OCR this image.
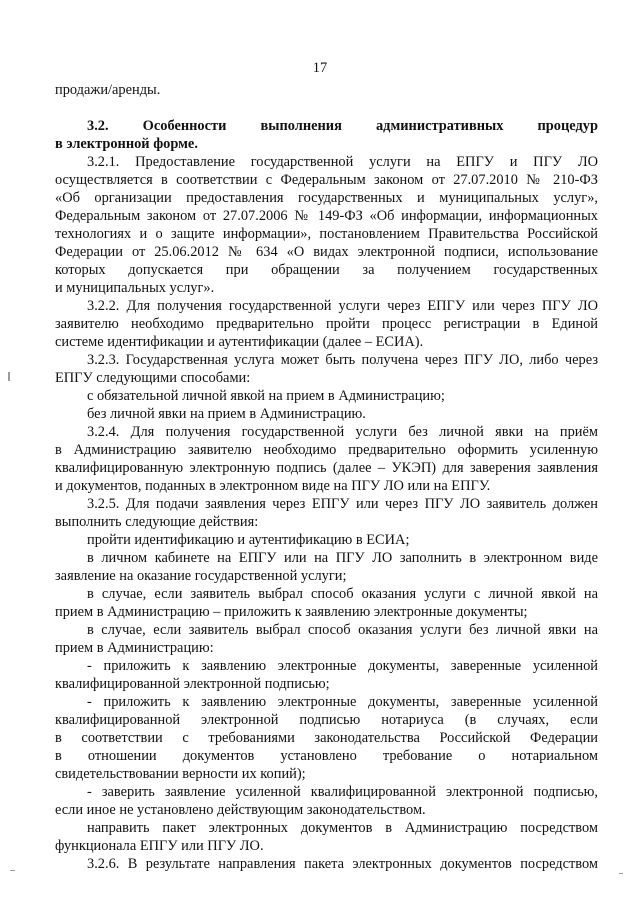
17
продажи/аренды.
3.2. Особенности выполнения административных процедур
в электронной форме.
3.2.1. Предоставление государственной услуги на ЕПГУ и ПГУ ЛО
осуществляется в соответствии с Федеральным законом от 27.07.2010 № 210-ФЗ
«Об организации предоставления государственных и муниципальных услуг»,
Федеральным законом от 27.07.2006 № 149-ФЗ «Об информации, информационных
технологиях и о защите информации», постановлением Правительства Российской
Федерации от 25.06.2012 № 634 «О видах электронной подписи, использование
которых допускается при обращении за получением государственных
и муниципальных услуг».
3.2.2. Для получения государственной услуги через ЕПГУ или через ПГУ ЛО
заявителю необходимо предварительно пройти процесс регистрации в Единой
системе идентификации и аутентификации (далее – ЕСИА).
3.2.3. Государственная услуга может быть получена через ПГУ ЛО, либо через
ЕПГУ следующими способами:
с обязательной личной явкой на прием в Администрацию;
без личной явки на прием в Администрацию.
3.2.4. Для получения государственной услуги без личной явки на приём
в Администрацию заявителю необходимо предварительно оформить усиленную
квалифицированную электронную подпись (далее – УКЭП) для заверения заявления
и документов, поданных в электронном виде на ПГУ ЛО или на ЕПГУ.
3.2.5. Для подачи заявления через ЕПГУ или через ПГУ ЛО заявитель должен
выполнить следующие действия:
пройти идентификацию и аутентификацию в ЕСИА;
в личном кабинете на ЕПГУ или на ПГУ ЛО заполнить в электронном виде
заявление на оказание государственной услуги;
в случае, если заявитель выбрал способ оказания услуги с личной явкой на
прием в Администрацию – приложить к заявлению электронные документы;
в случае, если заявитель выбрал способ оказания услуги без личной явки на
прием в Администрацию:
- приложить к заявлению электронные документы, заверенные усиленной
квалифицированной электронной подписью;
- приложить к заявлению электронные документы, заверенные усиленной
квалифицированной электронной подписью нотариуса (в случаях, если
в соответствии с требованиями законодательства Российской Федерации
в отношении документов установлено требование о нотариальном
свидетельствовании верности их копий);
- заверить заявление усиленной квалифицированной электронной подписью,
если иное не установлено действующим законодательством.
направить пакет электронных документов в Администрацию посредством
функционала ЕПГУ или ПГУ ЛО.
3.2.6. В результате направления пакета электронных документов посредством
